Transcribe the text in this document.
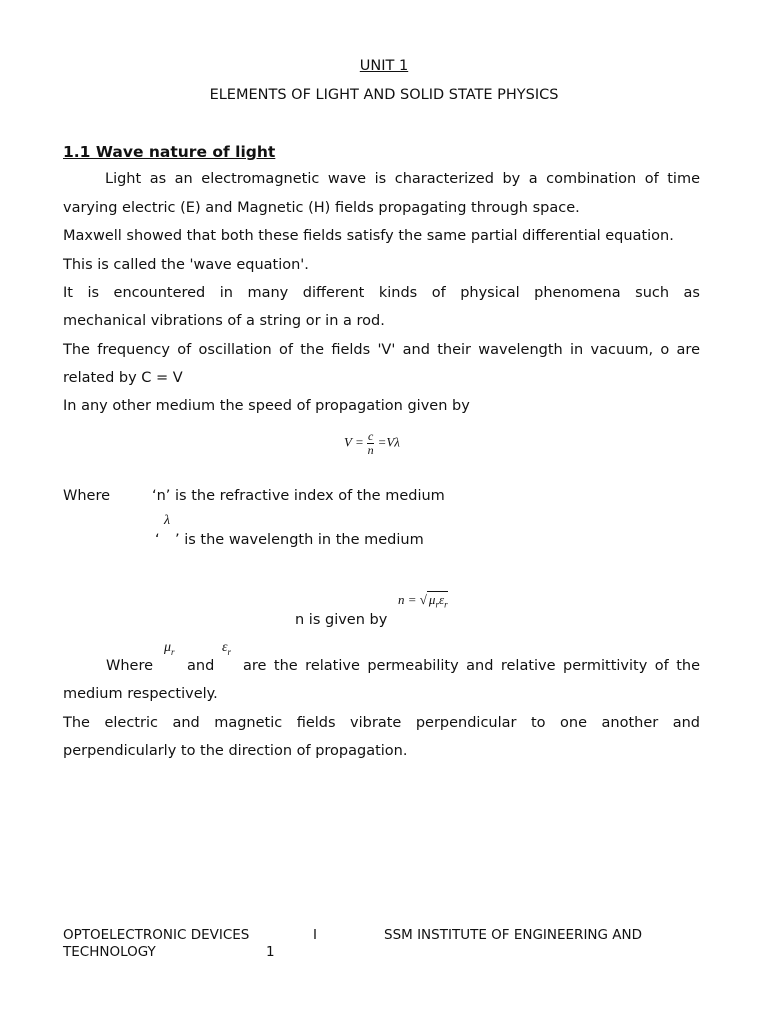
UNIT 1
ELEMENTS OF LIGHT AND SOLID STATE PHYSICS
1.1 Wave nature of light
Light as an electromagnetic wave is characterized by a combination of time
varying electric (E) and Magnetic (H) fields propagating through space.
Maxwell showed that both these fields satisfy the same partial differential equation.
This is called the 'wave equation'.
It is encountered in many different kinds of physical phenomena such as
mechanical vibrations of a string or in a rod.
The frequency of oscillation of the fields 'V' and their wavelength in vacuum, o are
related by C = V
In any other medium the speed of propagation given by
$V = \frac{c}{n} =V\lambda$
Where	‘n’ is the refractive index of the medium
λ
‘ ’ is the wavelength in the medium
n = √ $\mu_r\varepsilon_r$
n is given by
$\mu_r$	$\varepsilon_r$
Where and are the relative permeability and relative permittivity of the
medium respectively.
The electric and magnetic fields vibrate perpendicular to one another and
perpendicularly to the direction of propagation.
OPTOELECTRONIC DEVICES	I	SSM INSTITUTE OF ENGINEERING AND
TECHNOLOGY	1
